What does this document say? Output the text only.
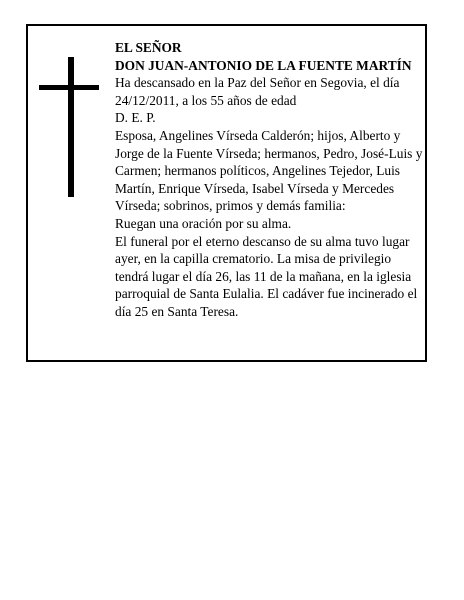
EL SEÑOR

DON JUAN-ANTONIO DE LA FUENTE MARTÍN

Ha descansado en la Paz del Señor en Segovia, el día 24/12/2011, a los 55 años de edad

D. E. P.

Esposa, Angelines Vírseda Calderón; hijos, Alberto y Jorge de la Fuente Vírseda; hermanos, Pedro, José-Luis y Carmen; hermanos políticos, Angelines Tejedor, Luis Martín, Enrique Vírseda, Isabel Vírseda y Mercedes Vírseda; sobrinos, primos y demás familia:

Ruegan una oración por su alma.

El funeral por el eterno descanso de su alma tuvo lugar ayer, en la capilla crematorio. La misa de privilegio tendrá lugar el día 26, las 11 de la mañana, en la iglesia parroquial de Santa Eulalia. El cadáver fue incinerado el día 25 en Santa Teresa.
